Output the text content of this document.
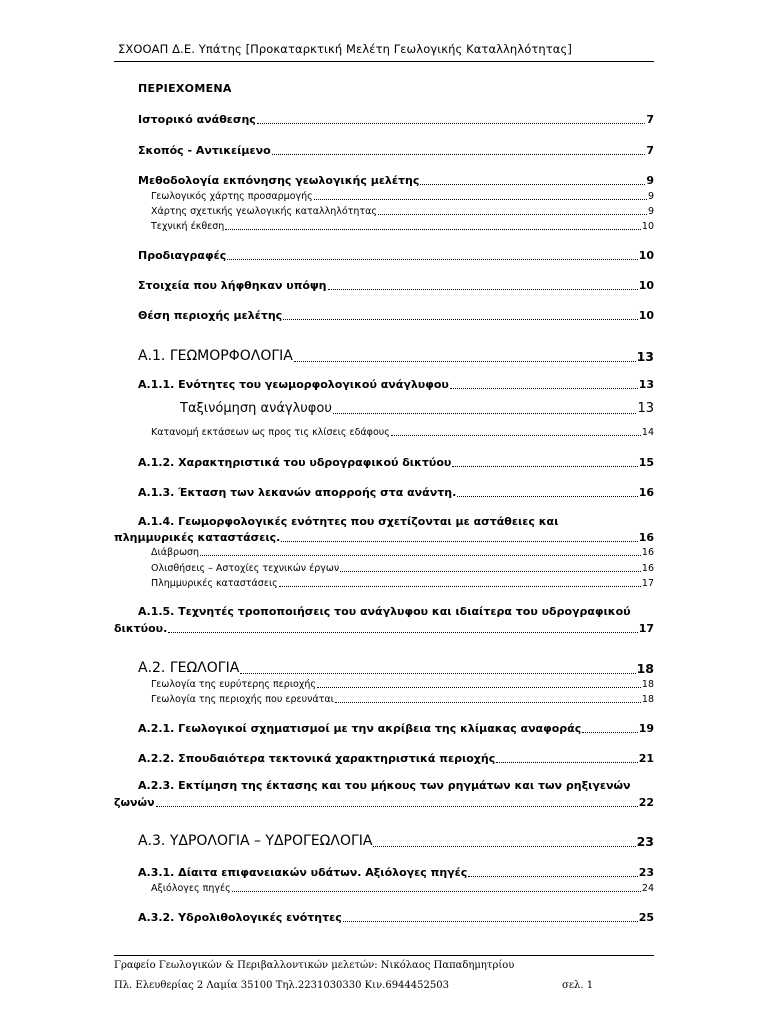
ΣΧΟΟΑΠ Δ.Ε. Υπάτης [Προκαταρκτική Μελέτη Γεωλογικής Καταλληλότητας]
ΠΕΡΙΕΧΟΜΕΝΑ
Ιστορικό ανάθεσης	7
Σκοπός - Αντικείμενο	7
Μεθοδολογία εκπόνησης γεωλογικής μελέτης	9
Γεωλογικός χάρτης προσαρμογής	9
Χάρτης σχετικής γεωλογικής καταλληλότητας	9
Τεχνική έκθεση	10
Προδιαγραφές	10
Στοιχεία που λήφθηκαν υπόψη	10
Θέση περιοχής μελέτης	10
Α.1. ΓΕΩΜΟΡΦΟΛΟΓΙΑ	13
Α.1.1. Ενότητες του γεωμορφολογικού ανάγλυφου	13
Ταξινόμηση ανάγλυφου	13
Κατανομή εκτάσεων ως προς τις κλίσεις εδάφους	14
Α.1.2. Χαρακτηριστικά του υδρογραφικού δικτύου	15
Α.1.3. Έκταση των λεκανών απορροής στα ανάντη.	16
Α.1.4. Γεωμορφολογικές ενότητες που σχετίζονται με αστάθειες και
πλημμυρικές καταστάσεις.	16
Διάβρωση	16
Ολισθήσεις – Αστοχίες τεχνικών έργων	16
Πλημμυρικές καταστάσεις	17
Α.1.5. Τεχνητές τροποποιήσεις του ανάγλυφου και ιδιαίτερα του υδρογραφικού
δικτύου.	17
Α.2. ΓΕΩΛΟΓΙΑ	18
Γεωλογία της ευρύτερης περιοχής	18
Γεωλογία της περιοχής που ερευνάται	18
Α.2.1. Γεωλογικοί σχηματισμοί με την ακρίβεια της κλίμακας αναφοράς	19
Α.2.2. Σπουδαιότερα τεκτονικά χαρακτηριστικά περιοχής	21
Α.2.3. Εκτίμηση της έκτασης και του μήκους των ρηγμάτων και των ρηξιγενών
ζωνών	22
Α.3. ΥΔΡΟΛΟΓΙΑ – ΥΔΡΟΓΕΩΛΟΓΙΑ	23
Α.3.1. Δίαιτα επιφανειακών υδάτων. Αξιόλογες πηγές	23
Αξιόλογες πηγές	24
Α.3.2. Υδρολιθολογικές ενότητες	25
Γραφείο Γεωλογικών & Περιβαλλοντικών μελετών: Νικόλαος Παπαδημητρίου
Πλ. Ελευθερίας 2 Λαμία 35100 Τηλ.2231030330 Κιν.6944452503	σελ. 1
